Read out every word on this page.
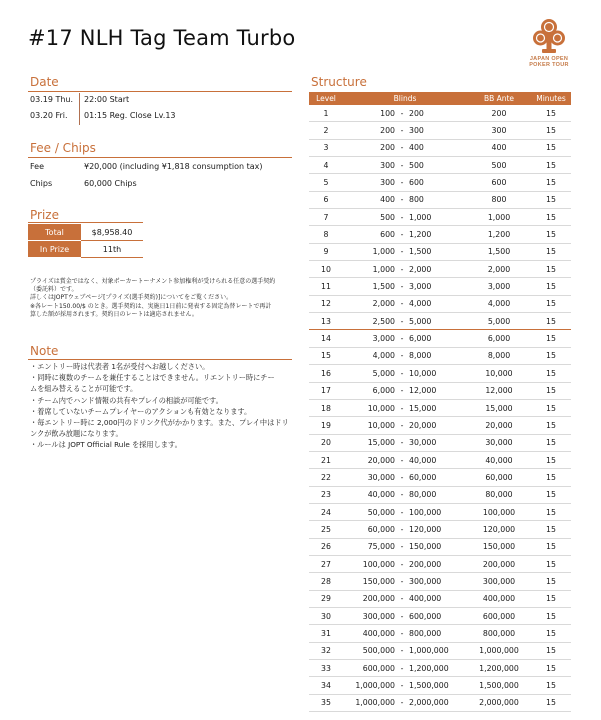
#17 NLH Tag Team Turbo
JAPAN OPEN
POKER TOUR
Date
03.19 Thu. 22:00 Start
03.20 Fri. 01:15 Reg. Close Lv.13
Fee / Chips
Fee	¥20,000 (including ¥1,818 consumption tax)
Chips	60,000 Chips
Prize
Total	$8,958.40
In Prize	11th
プライズは賞金ではなく、対象ポーカートーナメント参加権利が受けられる任意の選手契約
（委託料）です。
詳しくはJOPTウェブページ[プライズ(選手契約)]についてをご覧ください。
※各レート150.00/$ のとき。選手契約は、実施日1日前に発表する固定為替レートで再計
算した額が採用されます。契約日のレートは適応されません。
Note
・エントリー時は代表者 1名が受付へお越しください。
・同時に複数のチームを兼任することはできません。リエントリー時にチー
ムを組み替えることが可能です。
・チーム内でハンド情報の共有やプレイの相談が可能です。
・着席していないチームプレイヤーのアクションも有効となります。
・毎エントリー時に 2,000円のドリンク代がかかります。また、プレイ中はドリ
ンクが飲み放題になります。
・ルールは JOPT Official Rule を採用します。
Structure
Level	Blinds	BB Ante	Minutes
1	100 - 200	200	15
2	200 - 300	300	15
3	200 - 400	400	15
4	300 - 500	500	15
5	300 - 600	600	15
6	400 - 800	800	15
7	500 - 1,000	1,000	15
8	600 - 1,200	1,200	15
9	1,000 - 1,500	1,500	15
10	1,000 - 2,000	2,000	15
11	1,500 - 3,000	3,000	15
12	2,000 - 4,000	4,000	15
13	2,500 - 5,000	5,000	15
14	3,000 - 6,000	6,000	15
15	4,000 - 8,000	8,000	15
16	5,000 - 10,000	10,000	15
17	6,000 - 12,000	12,000	15
18	10,000 - 15,000	15,000	15
19	10,000 - 20,000	20,000	15
20	15,000 - 30,000	30,000	15
21	20,000 - 40,000	40,000	15
22	30,000 - 60,000	60,000	15
23	40,000 - 80,000	80,000	15
24	50,000 - 100,000	100,000	15
25	60,000 - 120,000	120,000	15
26	75,000 - 150,000	150,000	15
27	100,000 - 200,000	200,000	15
28	150,000 - 300,000	300,000	15
29	200,000 - 400,000	400,000	15
30	300,000 - 600,000	600,000	15
31	400,000 - 800,000	800,000	15
32	500,000 - 1,000,000	1,000,000	15
33	600,000 - 1,200,000	1,200,000	15
34	1,000,000 - 1,500,000	1,500,000	15
35	1,000,000 - 2,000,000	2,000,000	15
